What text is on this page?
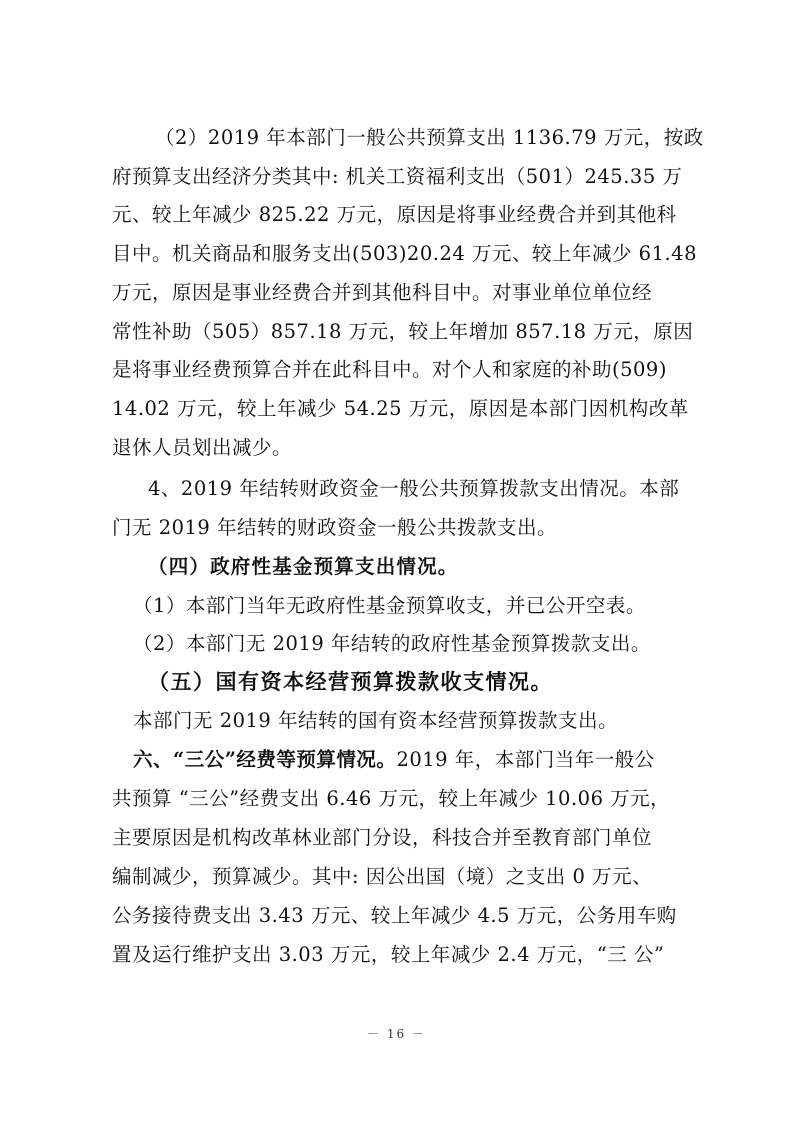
（2）2019 年本部门一般公共预算支出 1136.79 万元，按政
府预算支出经济分类其中: 机关工资福利支出（501）245.35 万
元、较上年减少 825.22 万元，原因是将事业经费合并到其他科
目中。机关商品和服务支出(503)20.24 万元、较上年减少 61.48
万元，原因是事业经费合并到其他科目中。对事业单位单位经
常性补助（505）857.18 万元，较上年增加 857.18 万元，原因
是将事业经费预算合并在此科目中。对个人和家庭的补助(509)
14.02 万元，较上年减少 54.25 万元，原因是本部门因机构改革
退休人员划出减少。
4、2019 年结转财政资金一般公共预算拨款支出情况。本部
门无 2019 年结转的财政资金一般公共拨款支出。
（四）政府性基金预算支出情况。
（1）本部门当年无政府性基金预算收支，并已公开空表。
（2）本部门无 2019 年结转的政府性基金预算拨款支出。
（五）国有资本经营预算拨款收支情况。
本部门无 2019 年结转的国有资本经营预算拨款支出。
六、“三公”经费等预算情况。2019 年，本部门当年一般公
共预算 “三公”经费支出 6.46 万元，较上年减少 10.06 万元，
主要原因是机构改革林业部门分设，科技合并至教育部门单位
编制减少，预算减少。其中: 因公出国（境）之支出 0 万元、
公务接待费支出 3.43 万元、较上年减少 4.5 万元，公务用车购
置及运行维护支出 3.03 万元，较上年减少 2.4 万元，“三 公”
－ 16 －
